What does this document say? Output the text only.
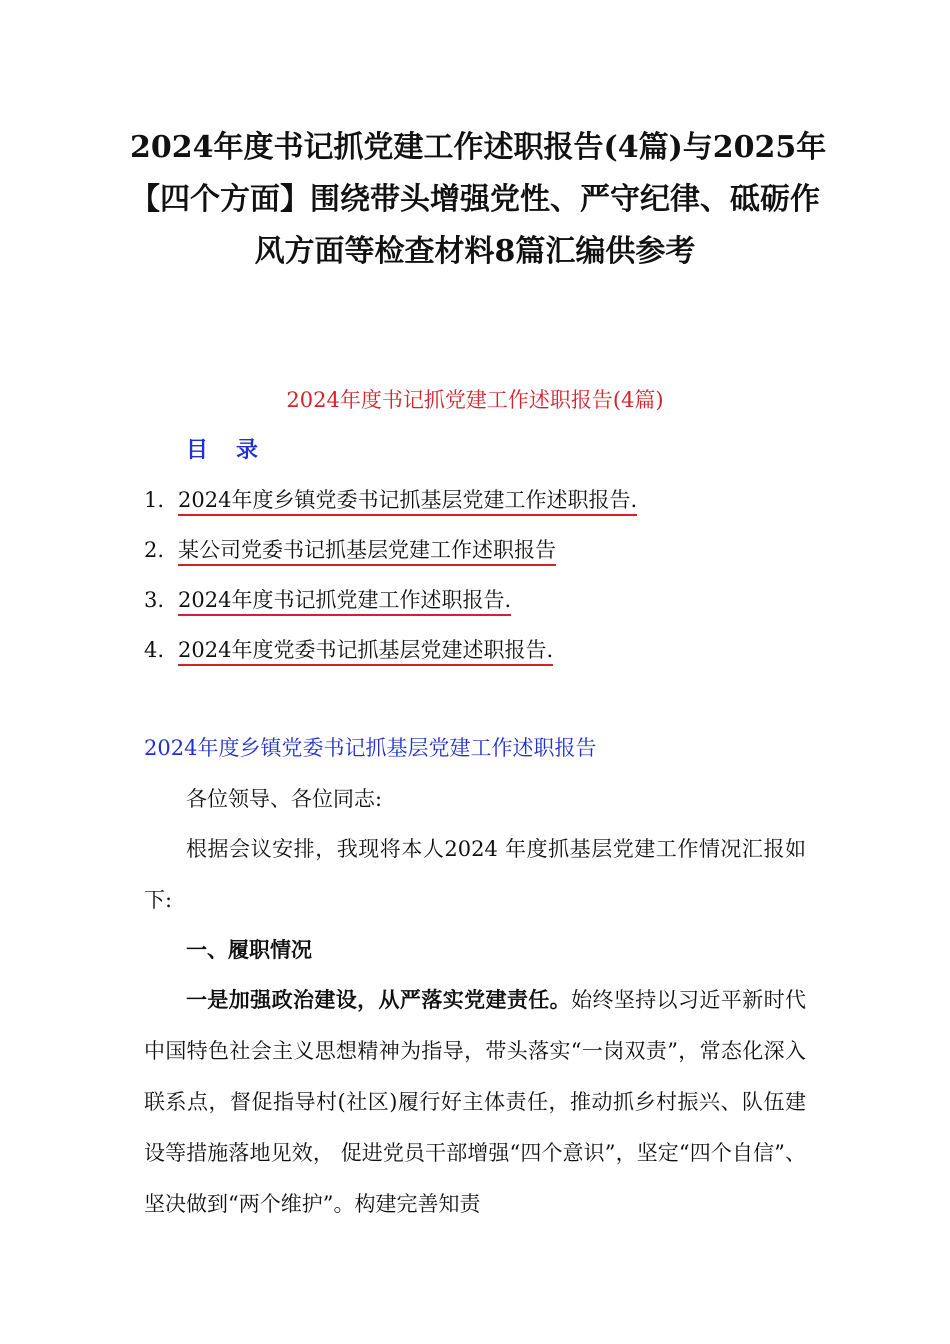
2024年度书记抓党建工作述职报告(4篇)与2025年
【四个方面】围绕带头增强党性、严守纪律、砥砺作
风方面等检查材料8篇汇编供参考
2024年度书记抓党建工作述职报告(4篇)
目录
1. 2024年度乡镇党委书记抓基层党建工作述职报告.
2. 某公司党委书记抓基层党建工作述职报告
3. 2024年度书记抓党建工作述职报告.
4. 2024年度党委书记抓基层党建述职报告.
2024年度乡镇党委书记抓基层党建工作述职报告
各位领导、各位同志:
根据会议安排，我现将本人2024 年度抓基层党建工作情况汇报如下:
一、履职情况
一是加强政治建设，从严落实党建责任。始终坚持以习近平新时代中国特色社会主义思想精神为指导，带头落实“一岗双责”，常态化深入联系点，督促指导村(社区)履行好主体责任，推动抓乡村振兴、队伍建设等措施落地见效， 促进党员干部增强“四个意识”，坚定“四个自信”、坚决做到“两个维护”。构建完善知责
